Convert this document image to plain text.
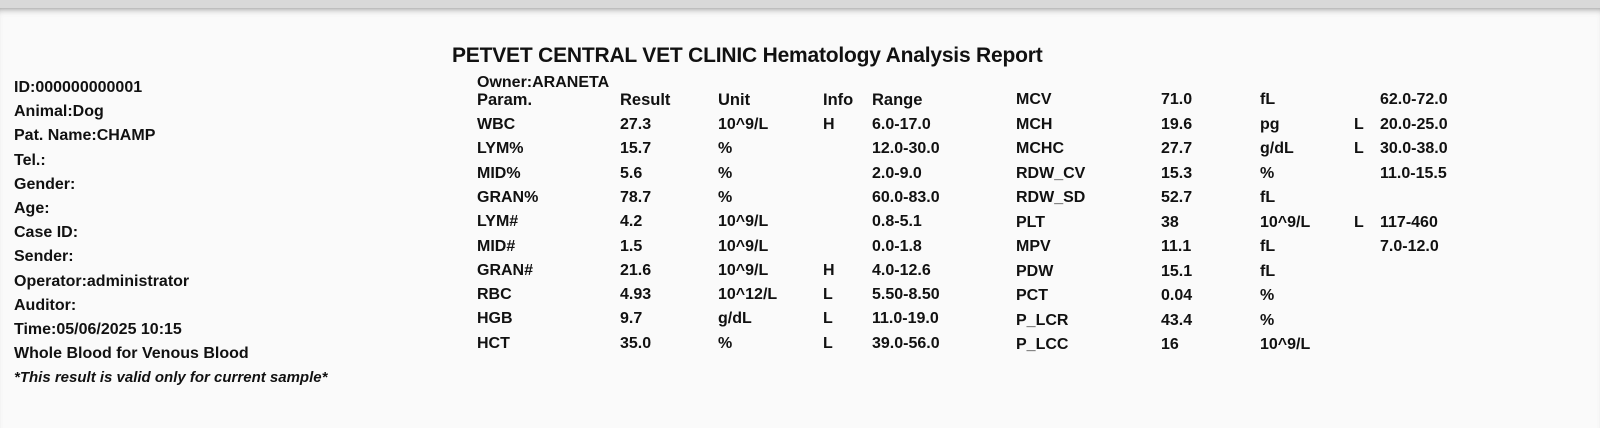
PETVET CENTRAL VET CLINIC Hematology Analysis Report
Owner:ARANETA
ID:000000000001
Animal:Dog
Pat. Name:CHAMP
Tel.:
Gender:
Age:
Case ID:
Sender:
Operator:administrator
Auditor:
Time:05/06/2025 10:15
Whole Blood for Venous Blood
*This result is valid only for current sample*
Param.	Result	Unit	Info Range
WBC	27.3	10^9/L	H 6.0-17.0
LYM%	15.7	%	12.0-30.0
MID%	5.6	%	2.0-9.0
GRAN%	78.7	%	60.0-83.0
LYM#	4.2	10^9/L	0.8-5.1
MID#	1.5	10^9/L	0.0-1.8
GRAN#	21.6	10^9/L	H 4.0-12.6
RBC	4.93	10^12/L	L 5.50-8.50
HGB	9.7	g/dL	L 11.0-19.0
HCT	35.0	%	L 39.0-56.0
MCV	71.0	fL	62.0-72.0
MCH	19.6	pg	L 20.0-25.0
MCHC	27.7	g/dL	L 30.0-38.0
RDW_CV	15.3	%	11.0-15.5
RDW_SD	52.7	fL
PLT	38	10^9/L	L 117-460
MPV	11.1	fL	7.0-12.0
PDW	15.1	fL
PCT	0.04	%
P_LCR	43.4	%
P_LCC	16	10^9/L
